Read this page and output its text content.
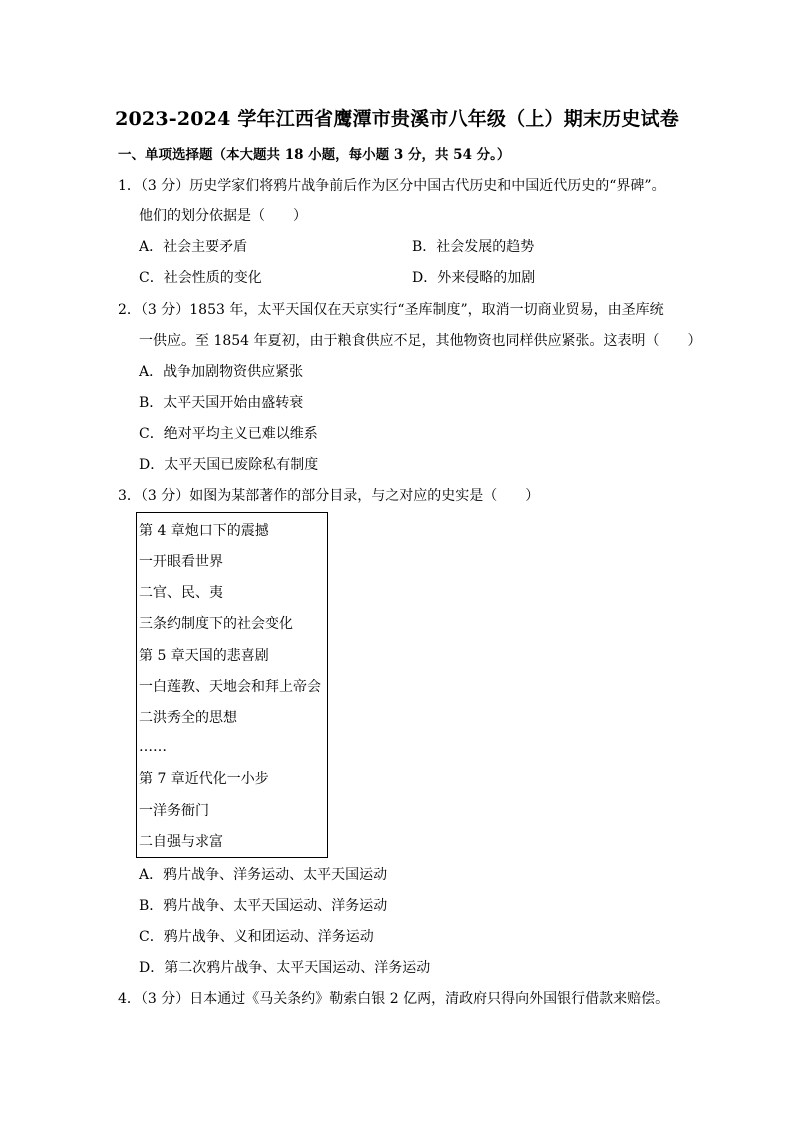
2023-2024 学年江西省鹰潭市贵溪市八年级（上）期末历史试卷
一、单项选择题（本大题共 18 小题，每小题 3 分，共 54 分。）
1．（3 分）历史学家们将鸦片战争前后作为区分中国古代历史和中国近代历史的“界碑”。
他们的划分依据是（　　）
A．社会主要矛盾	B．社会发展的趋势
C．社会性质的变化	D．外来侵略的加剧
2．（3 分）1853 年，太平天国仅在天京实行“圣库制度”，取消一切商业贸易，由圣库统
一供应。至 1854 年夏初，由于粮食供应不足，其他物资也同样供应紧张。这表明（　　）
A．战争加剧物资供应紧张
B．太平天国开始由盛转衰
C．绝对平均主义已难以维系
D．太平天国已废除私有制度
3．（3 分）如图为某部著作的部分目录，与之对应的史实是（　　）
第 4 章炮口下的震撼
一开眼看世界
二官、民、夷
三条约制度下的社会变化
第 5 章天国的悲喜剧
一白莲教、天地会和拜上帝会
二洪秀全的思想
……
第 7 章近代化一小步
一洋务衙门
二自强与求富
A．鸦片战争、洋务运动、太平天国运动
B．鸦片战争、太平天国运动、洋务运动
C．鸦片战争、义和团运动、洋务运动
D．第二次鸦片战争、太平天国运动、洋务运动
4．（3 分）日本通过《马关条约》勒索白银 2 亿两，清政府只得向外国银行借款来赔偿。
